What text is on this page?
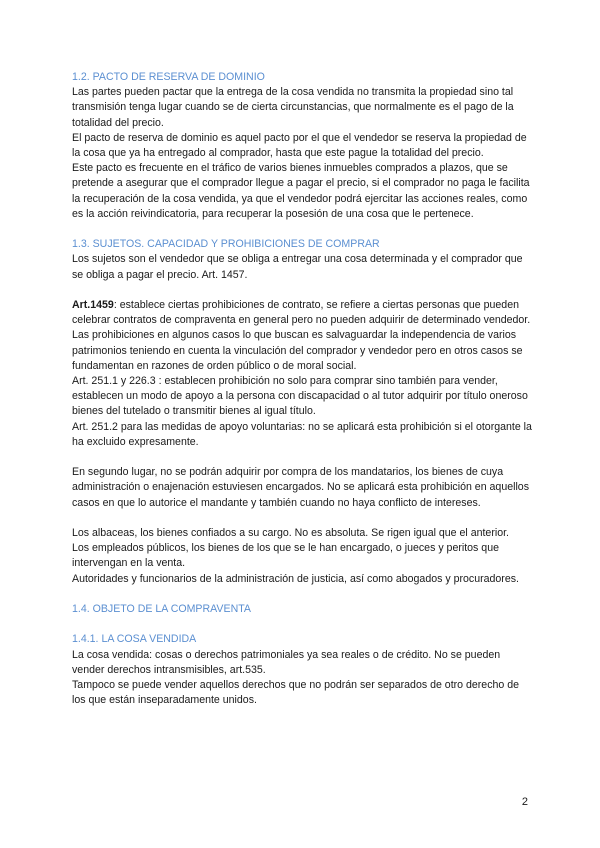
1.2. PACTO DE RESERVA DE DOMINIO

Las partes pueden pactar que la entrega de la cosa vendida no transmita la propiedad sino tal transmisión tenga lugar cuando se de cierta circunstancias, que normalmente es el pago de la totalidad del precio.

El pacto de reserva de dominio es aquel pacto por el que el vendedor se reserva la propiedad de la cosa que ya ha entregado al comprador, hasta que este pague la totalidad del precio.

Este pacto es frecuente en el tráfico de varios bienes inmuebles comprados a plazos, que se pretende a asegurar que el comprador llegue a pagar el precio, si el comprador no paga le facilita la recuperación de la cosa vendida, ya que el vendedor podrá ejercitar las acciones reales, como es la acción reivindicatoria, para recuperar la posesión de una cosa que le pertenece.

1.3. SUJETOS. CAPACIDAD Y PROHIBICIONES DE COMPRAR

Los sujetos son el vendedor que se obliga a entregar una cosa determinada y el comprador que se obliga a pagar el precio. Art. 1457.

Art.1459: establece ciertas prohibiciones de contrato, se refiere a ciertas personas que pueden celebrar contratos de compraventa en general pero no pueden adquirir de determinado vendedor.

Las prohibiciones en algunos casos lo que buscan es salvaguardar la independencia de varios patrimonios teniendo en cuenta la vinculación del comprador y vendedor pero en otros casos se fundamentan en razones de orden público o de moral social.

Art. 251.1 y 226.3 : establecen prohibición no solo para comprar sino también para vender, establecen un modo de apoyo a la persona con discapacidad o al tutor adquirir por título oneroso bienes del tutelado o transmitir bienes al igual título.

Art. 251.2 para las medidas de apoyo voluntarias: no se aplicará esta prohibición si el otorgante la ha excluido expresamente.

En segundo lugar, no se podrán adquirir por compra de los mandatarios, los bienes de cuya administración o enajenación estuviesen encargados. No se aplicará esta prohibición en aquellos casos en que lo autorice el mandante y también cuando no haya conflicto de intereses.

Los albaceas, los bienes confiados a su cargo. No es absoluta. Se rigen igual que el anterior.

Los empleados públicos, los bienes de los que se le han encargado, o jueces y peritos que intervengan en la venta.

Autoridades y funcionarios de la administración de justicia, así como abogados y procuradores.

1.4. OBJETO DE LA COMPRAVENTA
1.4.1. LA COSA VENDIDA

La cosa vendida: cosas o derechos patrimoniales ya sea reales o de crédito. No se pueden vender derechos intransmisibles, art.535.

Tampoco se puede vender aquellos derechos que no podrán ser separados de otro derecho de los que están inseparadamente unidos.

2
